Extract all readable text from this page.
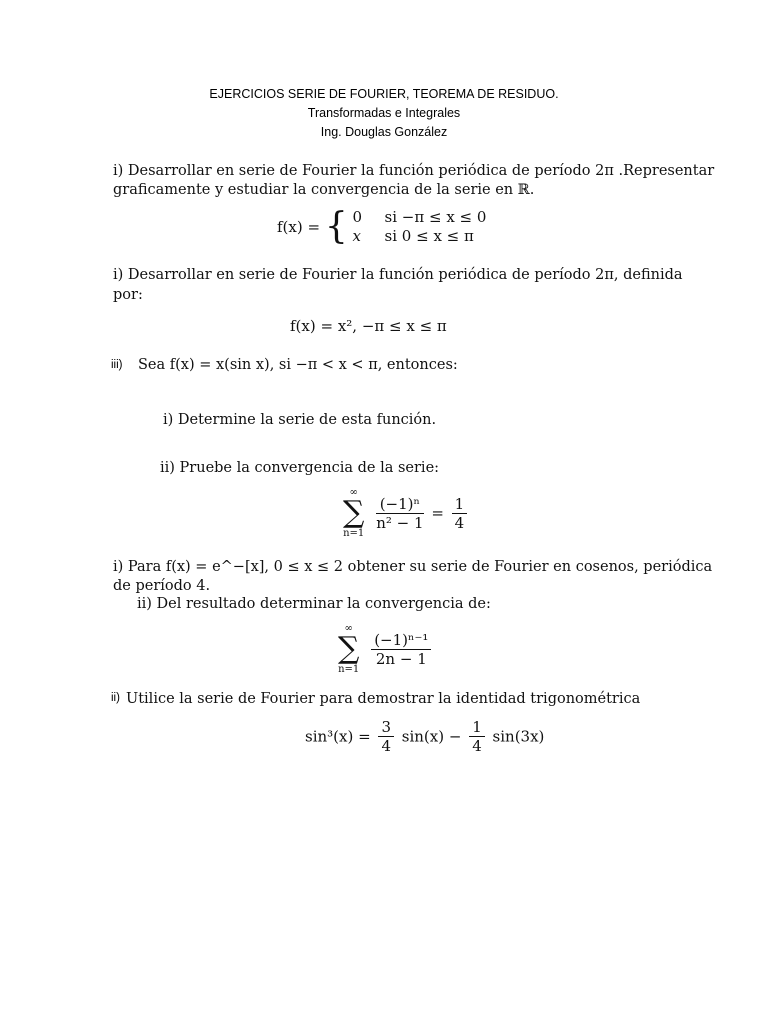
EJERCICIOS SERIE DE FOURIER, TEOREMA DE RESIDUO.
Transformadas e Integrales
Ing. Douglas González
i) Desarrollar en serie de Fourier la función periódica de período 2π .Representar
graficamente y estudiar la convergencia de la serie en ℝ.
f(x) = { 0 si −π ≤ x ≤ 0
x si 0 ≤ x ≤ π
i) Desarrollar en serie de Fourier la función periódica de período 2π, definida
por:
f(x) = x², −π ≤ x ≤ π
iii) Sea f(x) = x(sin x), si −π < x < π, entonces:
i) Determine la serie de esta función.
ii) Pruebe la convergencia de la serie:
∞
∑
n=1

$\frac{\text{(−1)ⁿ}}{\text{n² − 1}} = \frac{1}{4}$
i) Para f(x) = e^−[x], 0 ≤ x ≤ 2 obtener su serie de Fourier en cosenos, periódica
de período 4.
ii) Del resultado determinar la convergencia de:
∞
∑
n=1

$\frac{\text{(−1)ⁿ⁻¹}}{2n - 1}$
ii) Utilice la serie de Fourier para demostrar la identidad trigonométrica
$\sin^3(x) = \frac{3}{4} \sin(x) - \frac{1}{4} \sin(3x)$
